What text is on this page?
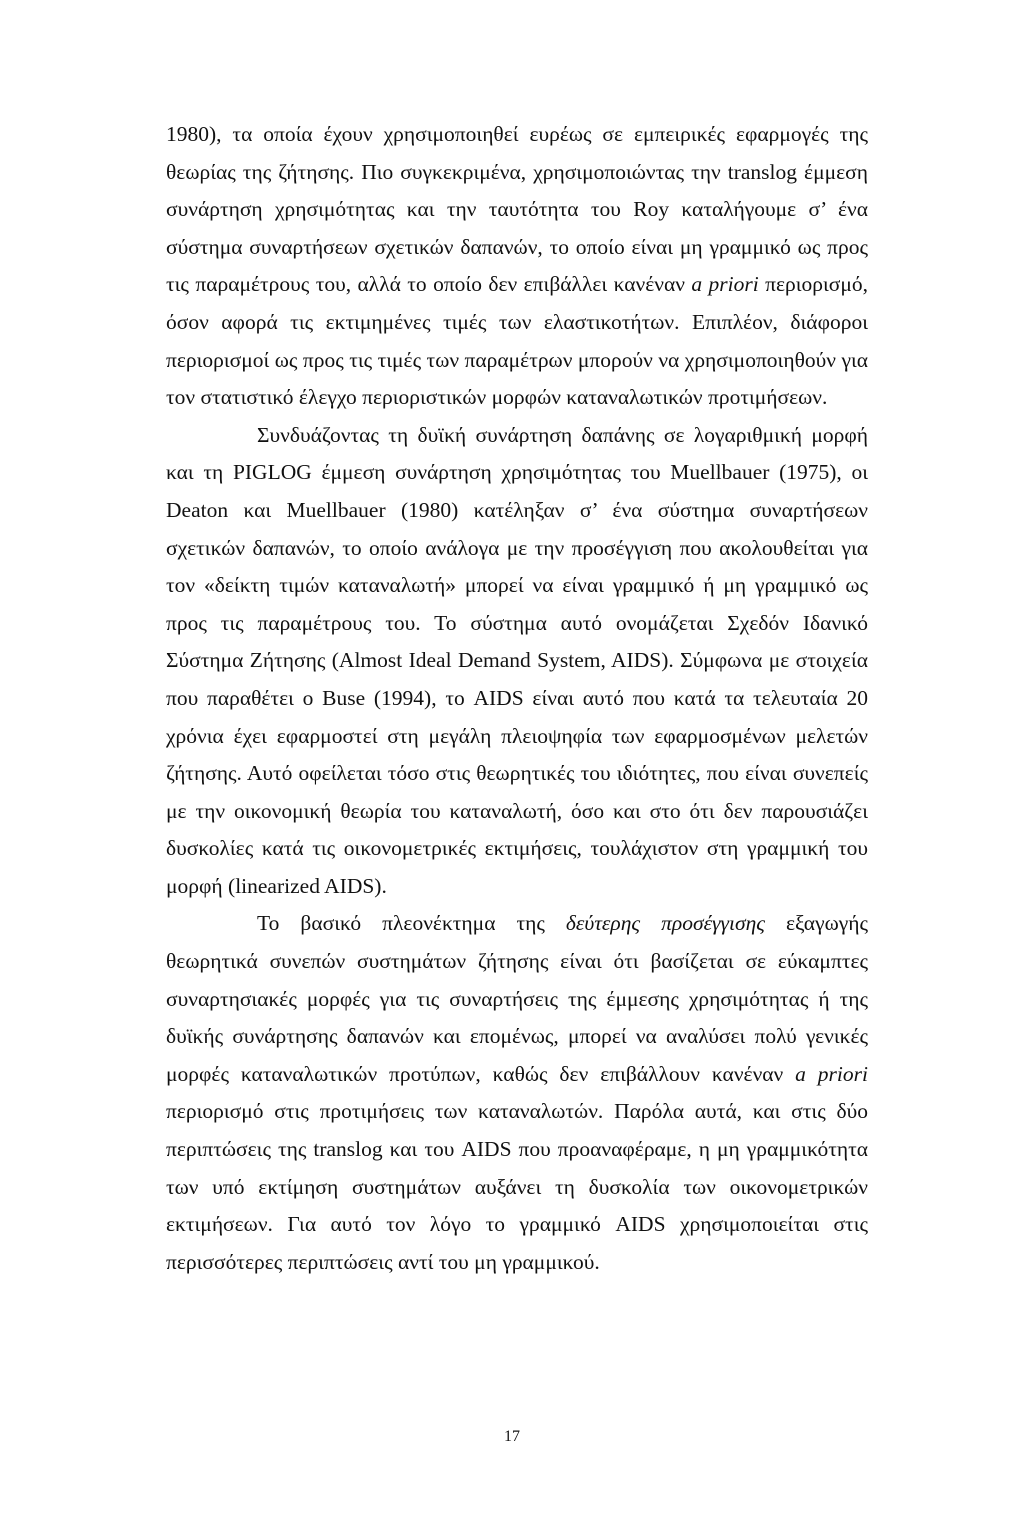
1980), τα οποία έχουν χρησιμοποιηθεί ευρέως σε εμπειρικές εφαρμογές της θεωρίας της ζήτησης. Πιο συγκεκριμένα, χρησιμοποιώντας την translog έμμεση συνάρτηση χρησιμότητας και την ταυτότητα του Roy καταλήγουμε σ’ ένα σύστημα συναρτήσεων σχετικών δαπανών, το οποίο είναι μη γραμμικό ως προς τις παραμέτρους του, αλλά το οποίο δεν επιβάλλει κανέναν a priori περιορισμό, όσον αφορά τις εκτιμημένες τιμές των ελαστικοτήτων. Επιπλέον, διάφοροι περιορισμοί ως προς τις τιμές των παραμέτρων μπορούν να χρησιμοποιηθούν για τον στατιστικό έλεγχο περιοριστικών μορφών καταναλωτικών προτιμήσεων.

Συνδυάζοντας τη δυϊκή συνάρτηση δαπάνης σε λογαριθμική μορφή και τη PIGLOG έμμεση συνάρτηση χρησιμότητας του Muellbauer (1975), οι Deaton και Muellbauer (1980) κατέληξαν σ’ ένα σύστημα συναρτήσεων σχετικών δαπανών, το οποίο ανάλογα με την προσέγγιση που ακολουθείται για τον «δείκτη τιμών καταναλωτή» μπορεί να είναι γραμμικό ή μη γραμμικό ως προς τις παραμέτρους του. Το σύστημα αυτό ονομάζεται Σχεδόν Ιδανικό Σύστημα Ζήτησης (Almost Ideal Demand System, AIDS). Σύμφωνα με στοιχεία που παραθέτει ο Buse (1994), το AIDS είναι αυτό που κατά τα τελευταία 20 χρόνια έχει εφαρμοστεί στη μεγάλη πλειοψηφία των εφαρμοσμένων μελετών ζήτησης. Αυτό οφείλεται τόσο στις θεωρητικές του ιδιότητες, που είναι συνεπείς με την οικονομική θεωρία του καταναλωτή, όσο και στο ότι δεν παρουσιάζει δυσκολίες κατά τις οικονομετρικές εκτιμήσεις, τουλάχιστον στη γραμμική του μορφή (linearized AIDS).

Το βασικό πλεονέκτημα της δεύτερης προσέγγισης εξαγωγής θεωρητικά συνεπών συστημάτων ζήτησης είναι ότι βασίζεται σε εύκαμπτες συναρτησιακές μορφές για τις συναρτήσεις της έμμεσης χρησιμότητας ή της δυϊκής συνάρτησης δαπανών και επομένως, μπορεί να αναλύσει πολύ γενικές μορφές καταναλωτικών προτύπων, καθώς δεν επιβάλλουν κανέναν a priori περιορισμό στις προτιμήσεις των καταναλωτών. Παρόλα αυτά, και στις δύο περιπτώσεις της translog και του AIDS που προαναφέραμε, η μη γραμμικότητα των υπό εκτίμηση συστημάτων αυξάνει τη δυσκολία των οικονομετρικών εκτιμήσεων. Για αυτό τον λόγο το γραμμικό AIDS χρησιμοποιείται στις περισσότερες περιπτώσεις αντί του μη γραμμικού.

17
